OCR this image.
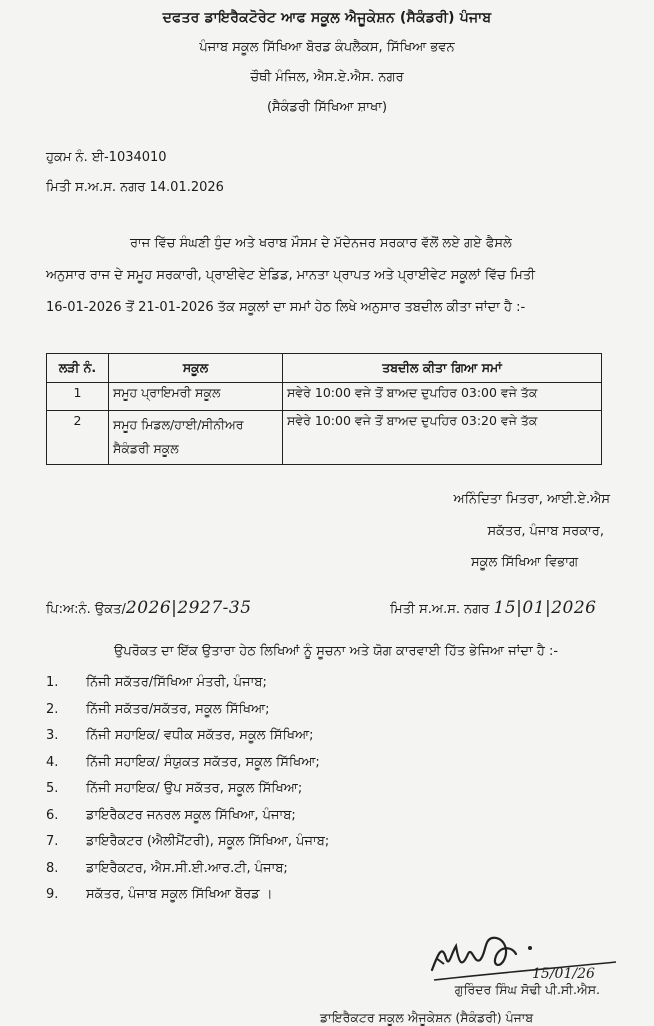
ਦਫਤਰ ਡਾਇਰੈਕਟੋਰੇਟ ਆਫ ਸਕੂਲ ਐਜੂਕੇਸ਼ਨ (ਸੈਕੰਡਰੀ) ਪੰਜਾਬ
ਪੰਜਾਬ ਸਕੂਲ ਸਿੱਖਿਆ ਬੋਰਡ ਕੰਪਲੈਕਸ, ਸਿੱਖਿਆ ਭਵਨ
ਚੌਥੀ ਮੰਜਿਲ, ਐਸ.ਏ.ਐਸ. ਨਗਰ
(ਸੈਕੰਡਰੀ ਸਿੱਖਿਆ ਸ਼ਾਖਾ)
ਹੁਕਮ ਨੰ. ਈ-1034010
ਮਿਤੀ ਸ.ਅ.ਸ. ਨਗਰ 14.01.2026
ਰਾਜ ਵਿੱਚ ਸੰਘਣੀ ਧੁੰਦ ਅਤੇ ਖਰਾਬ ਮੌਸਮ ਦੇ ਮੱਦੇਨਜਰ ਸਰਕਾਰ ਵੱਲੋਂ ਲਏ ਗਏ ਫੈਸਲੇ
ਅਨੁਸਾਰ ਰਾਜ ਦੇ ਸਮੂਹ ਸਰਕਾਰੀ, ਪ੍ਰਾਈਵੇਟ ਏਡਿਡ, ਮਾਨਤਾ ਪ੍ਰਾਪਤ ਅਤੇ ਪ੍ਰਾਈਵੇਟ ਸਕੂਲਾਂ ਵਿੱਚ ਮਿਤੀ
16-01-2026 ਤੋਂ 21-01-2026 ਤੱਕ ਸਕੂਲਾਂ ਦਾ ਸਮਾਂ ਹੇਠ ਲਿਖੇ ਅਨੁਸਾਰ ਤਬਦੀਲ ਕੀਤਾ ਜਾਂਦਾ ਹੈ :-
ਲੜੀ ਨੰ.	ਸਕੂਲ	ਤਬਦੀਲ ਕੀਤਾ ਗਿਆ ਸਮਾਂ
1	ਸਮੂਹ ਪ੍ਰਾਇਮਰੀ ਸਕੂਲ	ਸਵੇਰੇ 10:00 ਵਜੇ ਤੋਂ ਬਾਅਦ ਦੁਪਹਿਰ 03:00 ਵਜੇ ਤੱਕ
2	ਸਮੂਹ ਮਿਡਲ/ਹਾਈ/ਸੀਨੀਅਰ ਸੈਕੰਡਰੀ ਸਕੂਲ	ਸਵੇਰੇ 10:00 ਵਜੇ ਤੋਂ ਬਾਅਦ ਦੁਪਹਿਰ 03:20 ਵਜੇ ਤੱਕ
ਅਨਿੰਦਿਤਾ ਮਿਤਰਾ, ਆਈ.ਏ.ਐਸ
ਸਕੱਤਰ, ਪੰਜਾਬ ਸਰਕਾਰ,
ਸਕੂਲ ਸਿੱਖਿਆ ਵਿਭਾਗ
ਪਿ:ਅ:ਨੰ. ਉਕਤ/2026|2927-35	ਮਿਤੀ ਸ.ਅ.ਸ. ਨਗਰ 15|01|2026
ਉਪਰੋਕਤ ਦਾ ਇੱਕ ਉਤਾਰਾ ਹੇਠ ਲਿਖਿਆਂ ਨੂੰ ਸੂਚਨਾ ਅਤੇ ਯੋਗ ਕਾਰਵਾਈ ਹਿੱਤ ਭੇਜਿਆ ਜਾਂਦਾ ਹੈ :-
1. ਨਿੱਜੀ ਸਕੱਤਰ/ਸਿੱਖਿਆ ਮੰਤਰੀ, ਪੰਜਾਬ;
2. ਨਿੱਜੀ ਸਕੱਤਰ/ਸਕੱਤਰ, ਸਕੂਲ ਸਿੱਖਿਆ;
3. ਨਿੱਜੀ ਸਹਾਇਕ/ ਵਧੀਕ ਸਕੱਤਰ, ਸਕੂਲ ਸਿੱਖਿਆ;
4. ਨਿੱਜੀ ਸਹਾਇਕ/ ਸੰਯੁਕਤ ਸਕੱਤਰ, ਸਕੂਲ ਸਿੱਖਿਆ;
5. ਨਿੱਜੀ ਸਹਾਇਕ/ ਉਪ ਸਕੱਤਰ, ਸਕੂਲ ਸਿੱਖਿਆ;
6. ਡਾਇਰੈਕਟਰ ਜਨਰਲ ਸਕੂਲ ਸਿੱਖਿਆ, ਪੰਜਾਬ;
7. ਡਾਇਰੈਕਟਰ (ਐਲੀਮੈਂਟਰੀ), ਸਕੂਲ ਸਿੱਖਿਆ, ਪੰਜਾਬ;
8. ਡਾਇਰੈਕਟਰ, ਐਸ.ਸੀ.ਈ.ਆਰ.ਟੀ, ਪੰਜਾਬ;
9. ਸਕੱਤਰ, ਪੰਜਾਬ ਸਕੂਲ ਸਿੱਖਿਆ ਬੋਰਡ ।
15/01/26
ਗੁਰਿੰਦਰ ਸਿੰਘ ਸੋਢੀ ਪੀ.ਸੀ.ਐਸ.
ਡਾਇਰੈਕਟਰ ਸਕੂਲ ਐਜੂਕੇਸ਼ਨ (ਸੈਕੰਡਰੀ) ਪੰਜਾਬ
